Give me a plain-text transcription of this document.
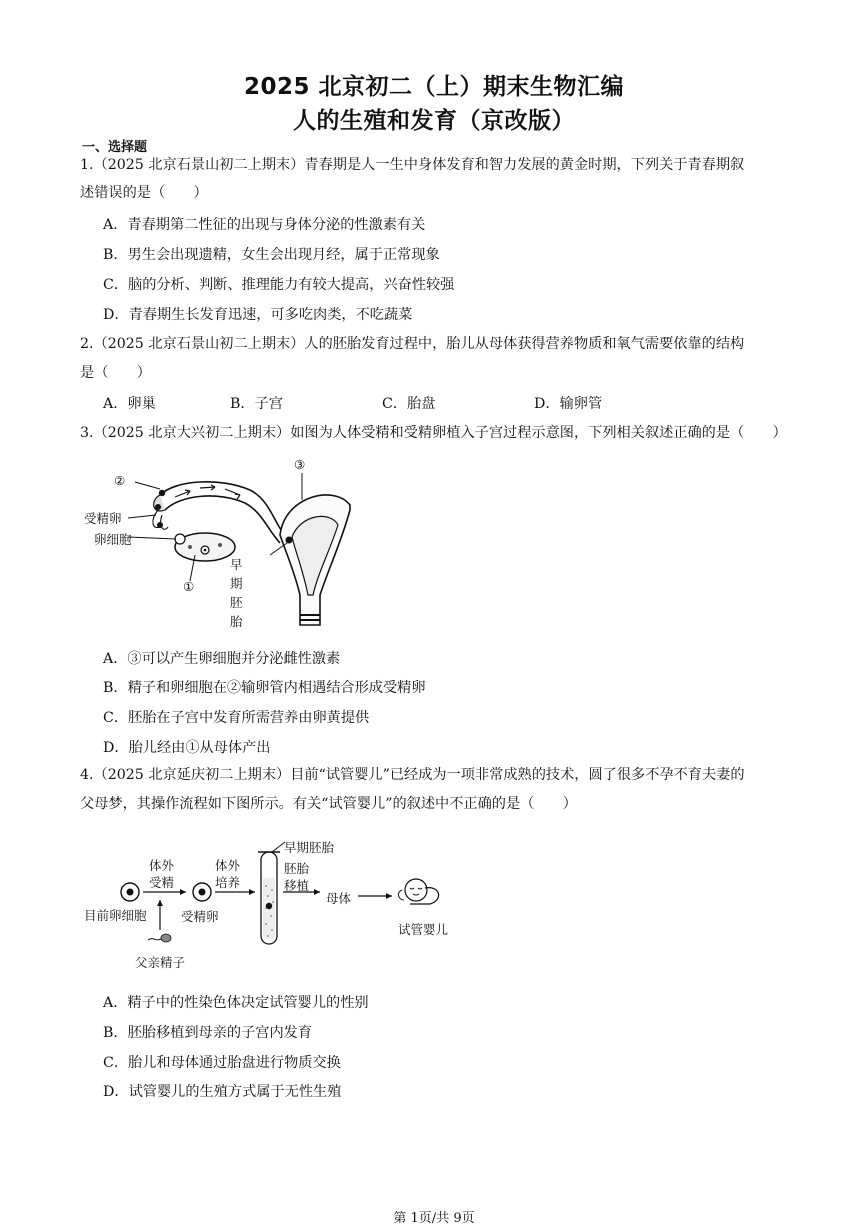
2025 北京初二（上）期末生物汇编
人的生殖和发育（京改版）
一、选择题
1.（2025 北京石景山初二上期末）青春期是人一生中身体发育和智力发展的黄金时期，下列关于青春期叙
述错误的是（　　）
A．青春期第二性征的出现与身体分泌的性激素有关
B．男生会出现遗精，女生会出现月经，属于正常现象
C．脑的分析、判断、推理能力有较大提高，兴奋性较强
D．青春期生长发育迅速，可多吃肉类，不吃蔬菜
2.（2025 北京石景山初二上期末）人的胚胎发育过程中，胎儿从母体获得营养物质和氧气需要依靠的结构
是（　　）
A．卵巢	B．子宫	C．胎盘	D．输卵管
3.（2025 北京大兴初二上期末）如图为人体受精和受精卵植入子宫过程示意图，下列相关叙述正确的是（　　）
②
③
受精卵
卵细胞
①
早
期
胚
胎
A．③可以产生卵细胞并分泌雌性激素
B．精子和卵细胞在②输卵管内相遇结合形成受精卵
C．胚胎在子宫中发育所需营养由卵黄提供
D．胎儿经由①从母体产出
4.（2025 北京延庆初二上期末）目前“试管婴儿”已经成为一项非常成熟的技术，圆了很多不孕不育夫妻的
父母梦，其操作流程如下图所示。有关“试管婴儿”的叙述中不正确的是（　　）
体外
受精
体外
培养
早期胚胎
胚胎
移植
目前卵细胞	受精卵
父亲精子
母体
试管婴儿
A．精子中的性染色体决定试管婴儿的性别
B．胚胎移植到母亲的子宫内发育
C．胎儿和母体通过胎盘进行物质交换
D．试管婴儿的生殖方式属于无性生殖
第 1页/共 9页
